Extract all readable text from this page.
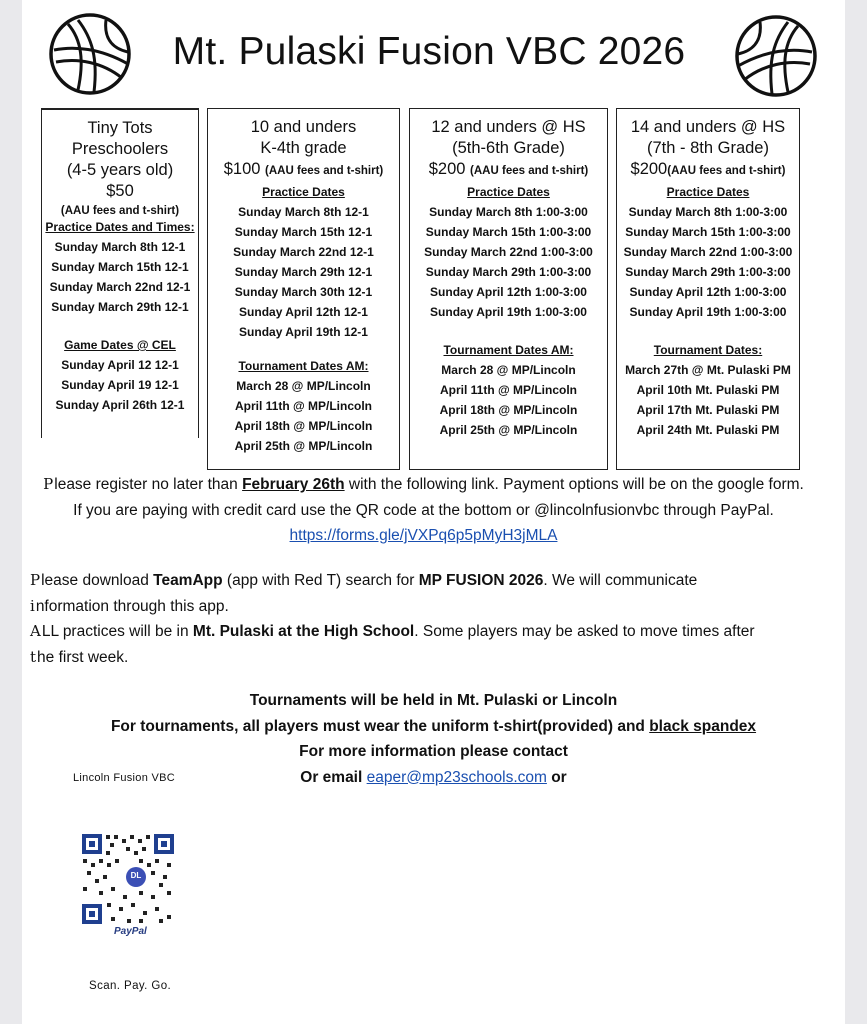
Mt. Pulaski Fusion VBC 2026
Tiny Tots
Preschoolers
(4-5 years old)
$50
(AAU fees and t-shirt)
Practice Dates and Times:
Sunday March 8th 12-1
Sunday March 15th 12-1
Sunday March 22nd 12-1
Sunday March 29th 12-1
Game Dates @ CEL
Sunday April 12 12-1
Sunday April 19 12-1
Sunday April 26th 12-1
10 and unders
K-4th grade
$100 (AAU fees and t-shirt)
Practice Dates
Sunday March 8th 12-1
Sunday March 15th 12-1
Sunday March 22nd 12-1
Sunday March 29th 12-1
Sunday March 30th 12-1
Sunday April 12th 12-1
Sunday April 19th 12-1
Tournament Dates AM:
March 28 @ MP/Lincoln
April 11th @ MP/Lincoln
April 18th @ MP/Lincoln
April 25th @ MP/Lincoln
12 and unders @ HS
(5th-6th Grade)
$200 (AAU fees and t-shirt)
Practice Dates
Sunday March 8th 1:00-3:00
Sunday March 15th 1:00-3:00
Sunday March 22nd 1:00-3:00
Sunday March 29th 1:00-3:00
Sunday April 12th 1:00-3:00
Sunday April 19th 1:00-3:00
Tournament Dates AM:
March 28 @ MP/Lincoln
April 11th @ MP/Lincoln
April 18th @ MP/Lincoln
April 25th @ MP/Lincoln
14 and unders @ HS
(7th - 8th Grade)
$200(AAU fees and t-shirt)
Practice Dates
Sunday March 8th 1:00-3:00
Sunday March 15th 1:00-3:00
Sunday March 22nd 1:00-3:00
Sunday March 29th 1:00-3:00
Sunday April 12th 1:00-3:00
Sunday April 19th 1:00-3:00
Tournament Dates:
March 27th @ Mt. Pulaski PM
April 10th Mt. Pulaski PM
April 17th Mt. Pulaski PM
April 24th Mt. Pulaski PM
Please register no later than February 26th with the following link. Payment options will be on the google form. If you are paying with credit card use the QR code at the bottom or @lincolnfusionvbc through PayPal. https://forms.gle/jVXPq6p5pMyH3jMLA

Please download TeamApp (app with Red T) search for MP FUSION 2026. We will communicate

information through this app.

ALL practices will be in Mt. Pulaski at the High School. Some players may be asked to move times after

the first week.

Tournaments will be held in Mt. Pulaski or Lincoln
For tournaments, all players must wear the uniform t-shirt(provided) and black spandex
For more information please contact
Or email eaper@mp23schools.com or
Lincoln Fusion VBC
DL
PayPal
Scan. Pay. Go.
